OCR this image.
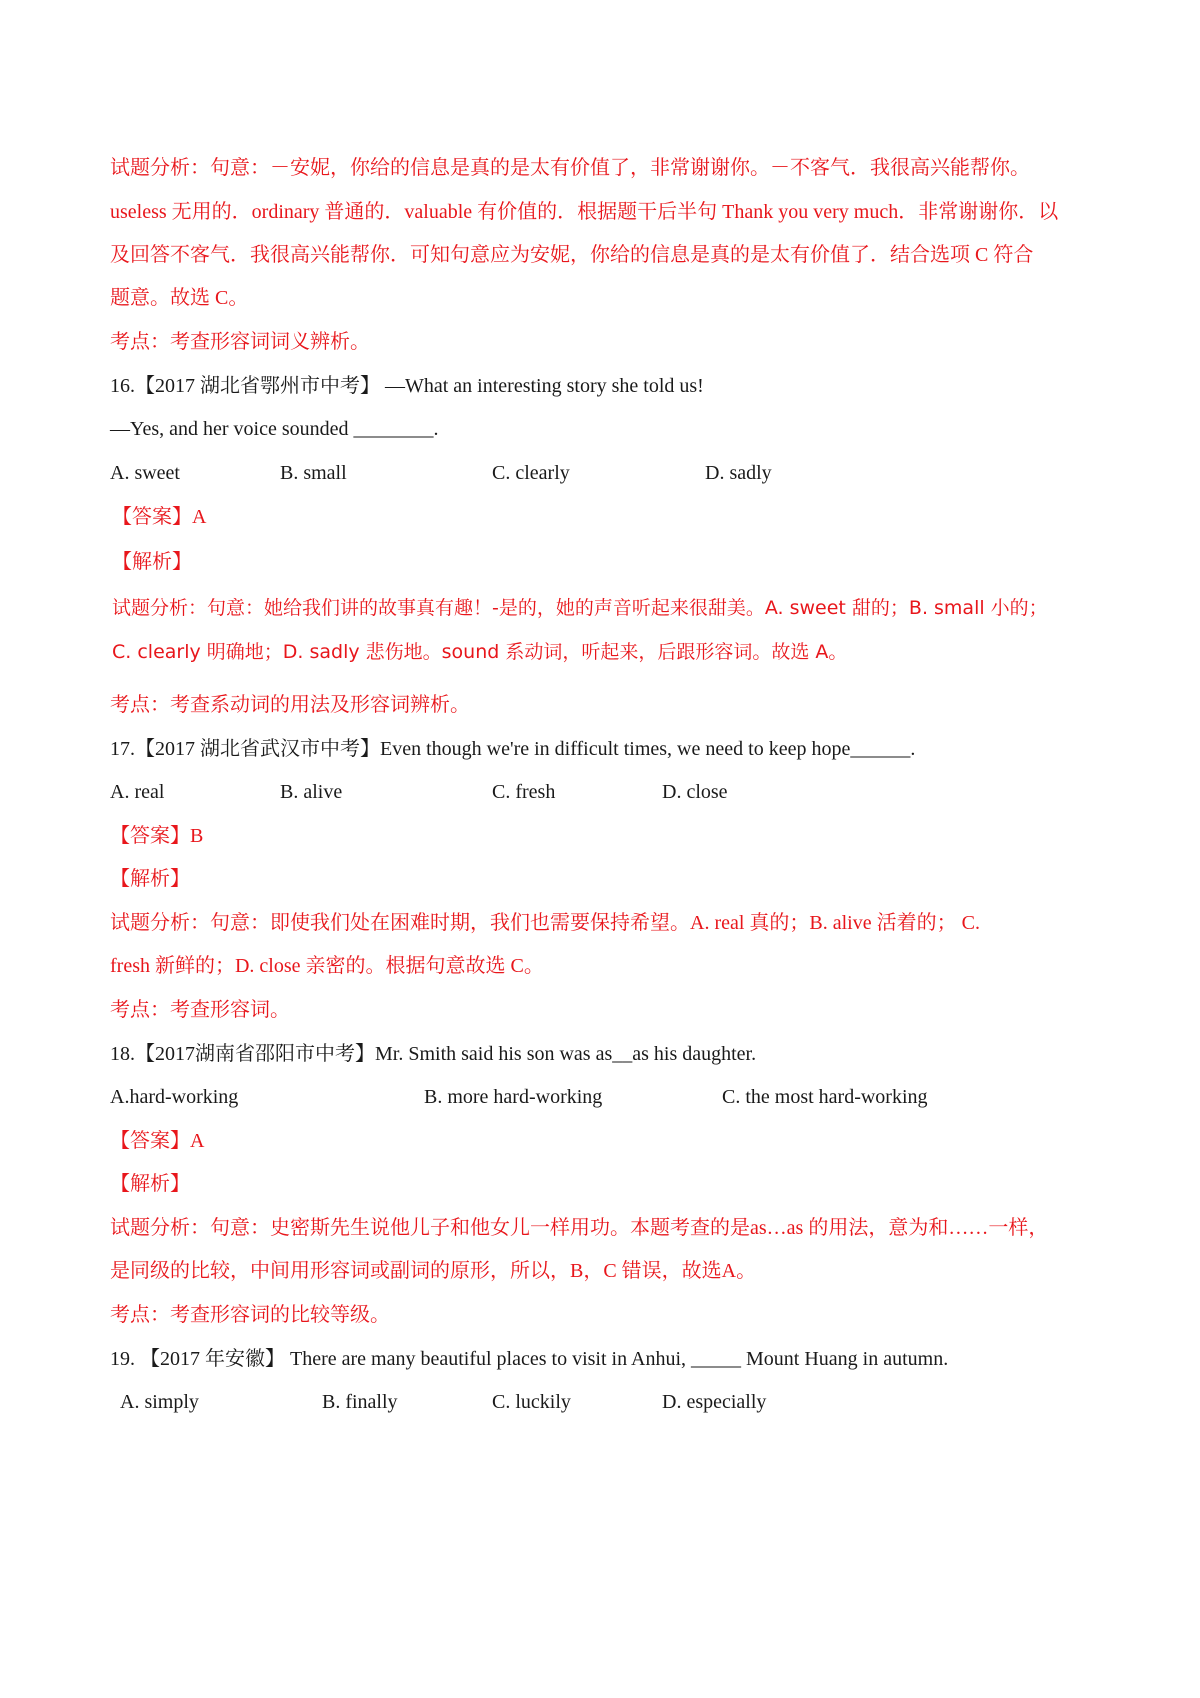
试题分析：句意：－安妮，你给的信息是真的是太有价值了，非常谢谢你。－不客气．我很高兴能帮你。
useless 无用的．ordinary 普通的．valuable 有价值的．根据题干后半句 Thank you very much．非常谢谢你．以
及回答不客气．我很高兴能帮你．可知句意应为安妮，你给的信息是真的是太有价值了．结合选项 C 符合
题意。故选 C。
考点：考查形容词词义辨析。
16.【2017 湖北省鄂州市中考】 —What an interesting story she told us!
—Yes, and her voice sounded ________.
A. sweet	B. small	C. clearly	D. sadly
【答案】A
【解析】
试题分析：句意：她给我们讲的故事真有趣！-是的，她的声音听起来很甜美。A. sweet 甜的；B. small 小的；
C. clearly 明确地；D. sadly 悲伤地。sound 系动词，听起来，后跟形容词。故选 A。
考点：考查系动词的用法及形容词辨析。
17.【2017 湖北省武汉市中考】Even though we're in difficult times, we need to keep hope______.
A. real	B. alive	C. fresh	D. close
【答案】B
【解析】
试题分析：句意：即使我们处在困难时期，我们也需要保持希望。A. real 真的；B. alive 活着的； C.
fresh 新鲜的；D. close 亲密的。根据句意故选 C。
考点：考查形容词。
18.【2017湖南省邵阳市中考】Mr. Smith said his son was as__as his daughter.
A.hard-working	B. more hard-working	C. the most hard-working
【答案】A
【解析】
试题分析：句意：史密斯先生说他儿子和他女儿一样用功。本题考查的是as…as 的用法，意为和……一样，
是同级的比较，中间用形容词或副词的原形，所以，B，C 错误，故选A。
考点：考查形容词的比较等级。
19. 【2017 年安徽】 There are many beautiful places to visit in Anhui, _____ Mount Huang in autumn.
A. simply	B. finally	C. luckily	D. especially
